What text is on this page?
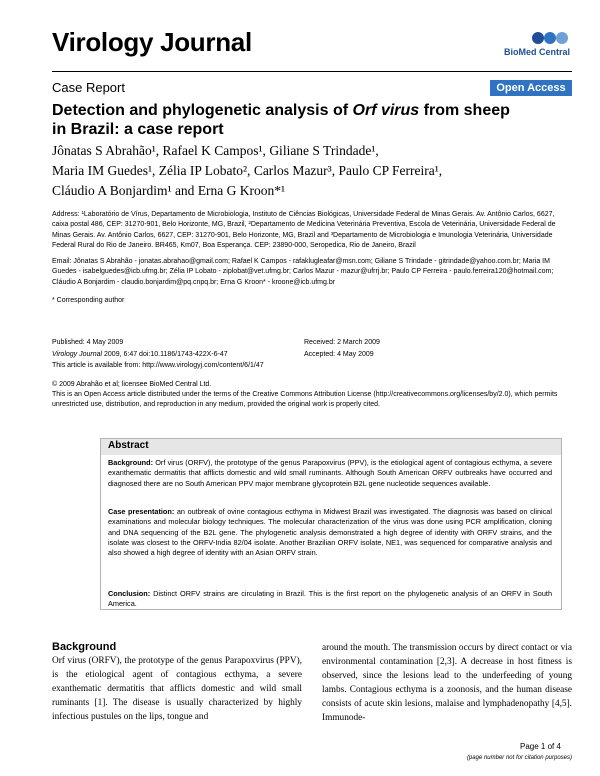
Virology Journal	BioMed Central
Case Report	Open Access
Detection and phylogenetic analysis of Orf virus from sheep in Brazil: a case report
Jônatas S Abrahão¹, Rafael K Campos¹, Giliane S Trindade¹,
Maria IM Guedes¹, Zélia IP Lobato², Carlos Mazur³, Paulo CP Ferreira¹,
Cláudio A Bonjardim¹ and Erna G Kroon*¹
Address: ¹Laboratório de Vírus, Departamento de Microbiologia, Instituto de Ciências Biológicas, Universidade Federal de Minas Gerais. Av. Antônio Carlos, 6627, caixa postal 486, CEP: 31270-901, Belo Horizonte, MG, Brazil, ²Departamento de Medicina Veterinária Preventiva, Escola de Veterinária, Universidade Federal de Minas Gerais. Av. Antônio Carlos, 6627, CEP: 31270-901, Belo Horizonte, MG, Brazil and ³Departamento de Microbiologia e Imunologia Veterinária, Universidade Federal Rural do Rio de Janeiro. BR465, Km07, Boa Esperança. CEP: 23890-000, Seropedica, Rio de Janeiro, Brazil
Email: Jônatas S Abrahão - jonatas.abrahao@gmail.com; Rafael K Campos - rafaklugleafar@msn.com; Giliane S Trindade - gitrindade@yahoo.com.br; Maria IM Guedes - isabelguedes@icb.ufmg.br; Zélia IP Lobato - ziplobat@vet.ufmg.br; Carlos Mazur - mazur@ufrrj.br; Paulo CP Ferreira - paulo.ferreira120@hotmail.com; Cláudio A Bonjardim - claudio.bonjardim@pq.cnpq.br; Erna G Kroon* - kroone@icb.ufmg.br
* Corresponding author
Published: 4 May 2009
Virology Journal 2009, 6:47 doi:10.1186/1743-422X-6-47
This article is available from: http://www.virologyj.com/content/6/1/47
Received: 2 March 2009
Accepted: 4 May 2009
© 2009 Abrahão et al; licensee BioMed Central Ltd.
This is an Open Access article distributed under the terms of the Creative Commons Attribution License (http://creativecommons.org/licenses/by/2.0), which permits unrestricted use, distribution, and reproduction in any medium, provided the original work is properly cited.
Abstract
Background: Orf virus (ORFV), the prototype of the genus Parapoxvirus (PPV), is the etiological agent of contagious ecthyma, a severe exanthematic dermatitis that afflicts domestic and wild small ruminants. Although South American ORFV outbreaks have occurred and diagnosed there are no South American PPV major membrane glycoprotein B2L gene nucleotide sequences available.
Case presentation: an outbreak of ovine contagious ecthyma in Midwest Brazil was investigated. The diagnosis was based on clinical examinations and molecular biology techniques. The molecular characterization of the virus was done using PCR amplification, cloning and DNA sequencing of the B2L gene. The phylogenetic analysis demonstrated a high degree of identity with ORFV strains, and the isolate was closest to the ORFV-India 82/04 isolate. Another Brazilian ORFV isolate, NE1, was sequenced for comparative analysis and also showed a high degree of identity with an Asian ORFV strain.
Conclusion: Distinct ORFV strains are circulating in Brazil. This is the first report on the phylogenetic analysis of an ORFV in South America.
Background
Orf virus (ORFV), the prototype of the genus Parapoxvirus (PPV), is the etiological agent of contagious ecthyma, a severe exanthematic dermatitis that afflicts domestic and wild small ruminants [1]. The disease is usually characterized by highly infectious pustules on the lips, tongue and
around the mouth. The transmission occurs by direct contact or via environmental contamination [2,3]. A decrease in host fitness is observed, since the lesions lead to the underfeeding of young lambs. Contagious ecthyma is a zoonosis, and the human disease consists of acute skin lesions, malaise and lymphadenopathy [4,5]. Immunode-
Page 1 of 4
(page number not for citation purposes)
